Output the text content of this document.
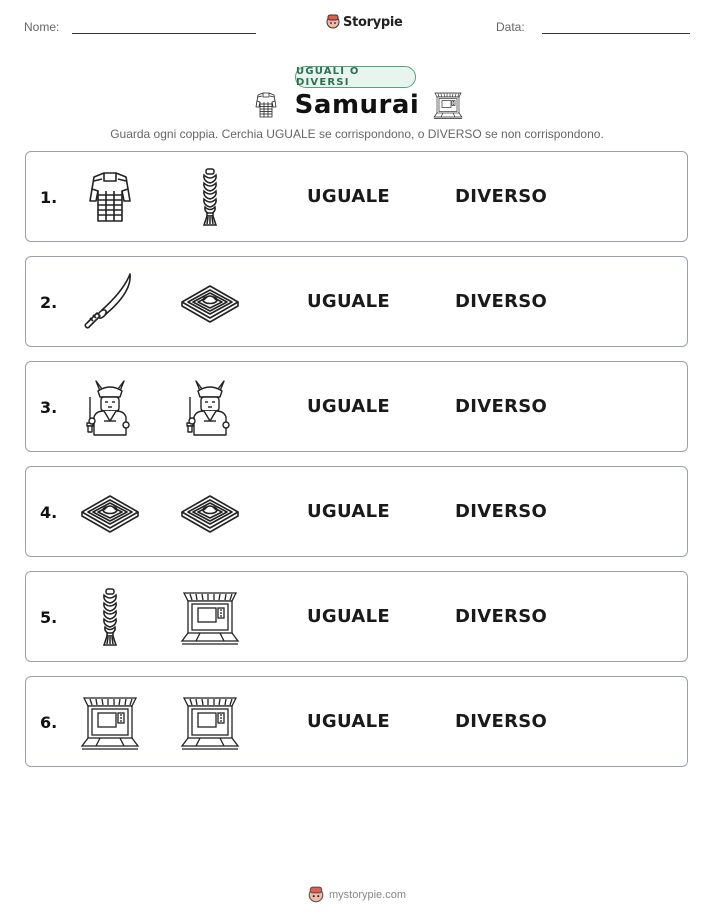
Nome:	Storypie	Data:
UGUALI O DIVERSI
Samurai
Guarda ogni coppia. Cerchia UGUALE se corrispondono, o DIVERSO se non corrispondono.
1.	UGUALE	DIVERSO
2.	UGUALE	DIVERSO
3.	UGUALE	DIVERSO
4.	UGUALE	DIVERSO
5.	UGUALE	DIVERSO
6.	UGUALE	DIVERSO
mystorypie.com
